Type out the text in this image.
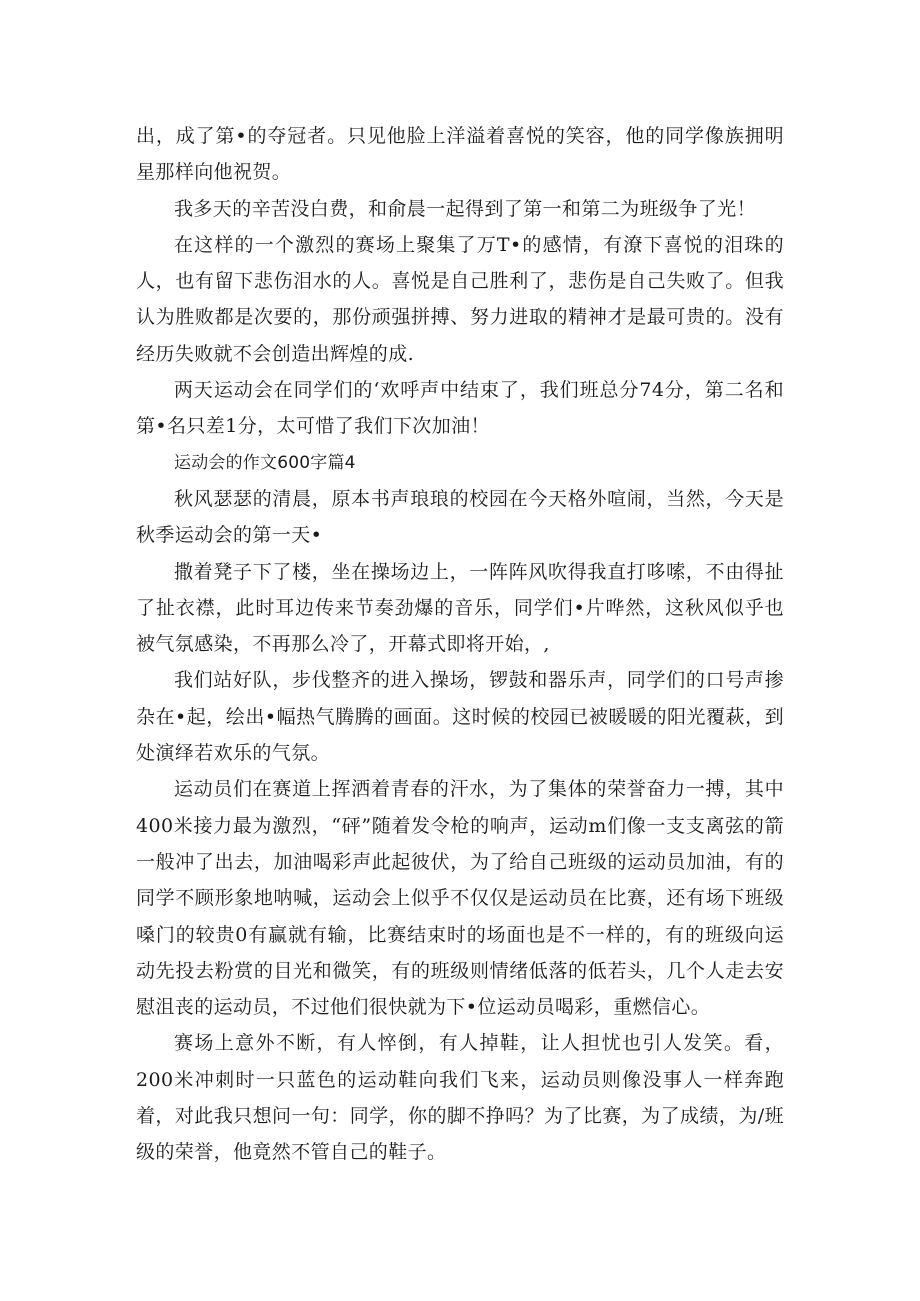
出，成了第•的夺冠者。只见他脸上洋溢着喜悦的笑容，他的同学像族拥明星那样向他祝贺。

我多天的辛苦没白费，和俞晨一起得到了第一和第二为班级争了光！

在这样的一个激烈的赛场上聚集了万T•的感情，有潦下喜悦的泪珠的人，也有留下悲伤泪水的人。喜悦是自己胜利了，悲伤是自己失败了。但我认为胜败都是次要的，那份顽强拼搏、努力进取的精神才是最可贵的。没有经历失败就不会创造出辉煌的成.

两天运动会在同学们的‘欢呼声中结束了，我们班总分74分，第二名和第•名只差1分，太可惜了我们下次加油！

运动会的作文600字篇4

秋风瑟瑟的清晨，原本书声琅琅的校园在今天格外喧闹，当然，今天是秋季运动会的第一天•

撒着凳子下了楼，坐在操场边上，一阵阵风吹得我直打哆嗦，不由得扯了扯衣襟，此时耳边传来节奏劲爆的音乐，同学们•片哗然，这秋风似乎也被气氛感染，不再那么冷了，开幕式即将开始，,

我们站好队，步伐整齐的进入操场，锣鼓和器乐声，同学们的口号声掺杂在•起，绘出•幅热气腾腾的画面。这时候的校园已被暖暖的阳光覆萩，到处演绎若欢乐的气氛。

运动员们在赛道上挥洒着青春的汗水，为了集体的荣誉奋力一搏，其中400米接力最为激烈，“砰”随着发令枪的响声，运动m们像一支支离弦的箭一般冲了出去，加油喝彩声此起彼伏，为了给自己班级的运动员加油，有的同学不顾形象地呐喊，运动会上似乎不仅仅是运动员在比赛，还有场下班级嗓门的较贵0有赢就有输，比赛结束时的场面也是不一样的，有的班级向运动先投去粉赏的目光和微笑，有的班级则情绪低落的低若头，几个人走去安慰沮丧的运动员，不过他们很快就为下•位运动员喝彩，重燃信心。

赛场上意外不断，有人悴倒，有人掉鞋，让人担忧也引人发笑。看，200米冲刺时一只蓝色的运动鞋向我们飞来，运动员则像没事人一样奔跑着，对此我只想问一句：同学，你的脚不挣吗？为了比赛，为了成绩，为/班级的荣誉，他竟然不管自己的鞋子。
